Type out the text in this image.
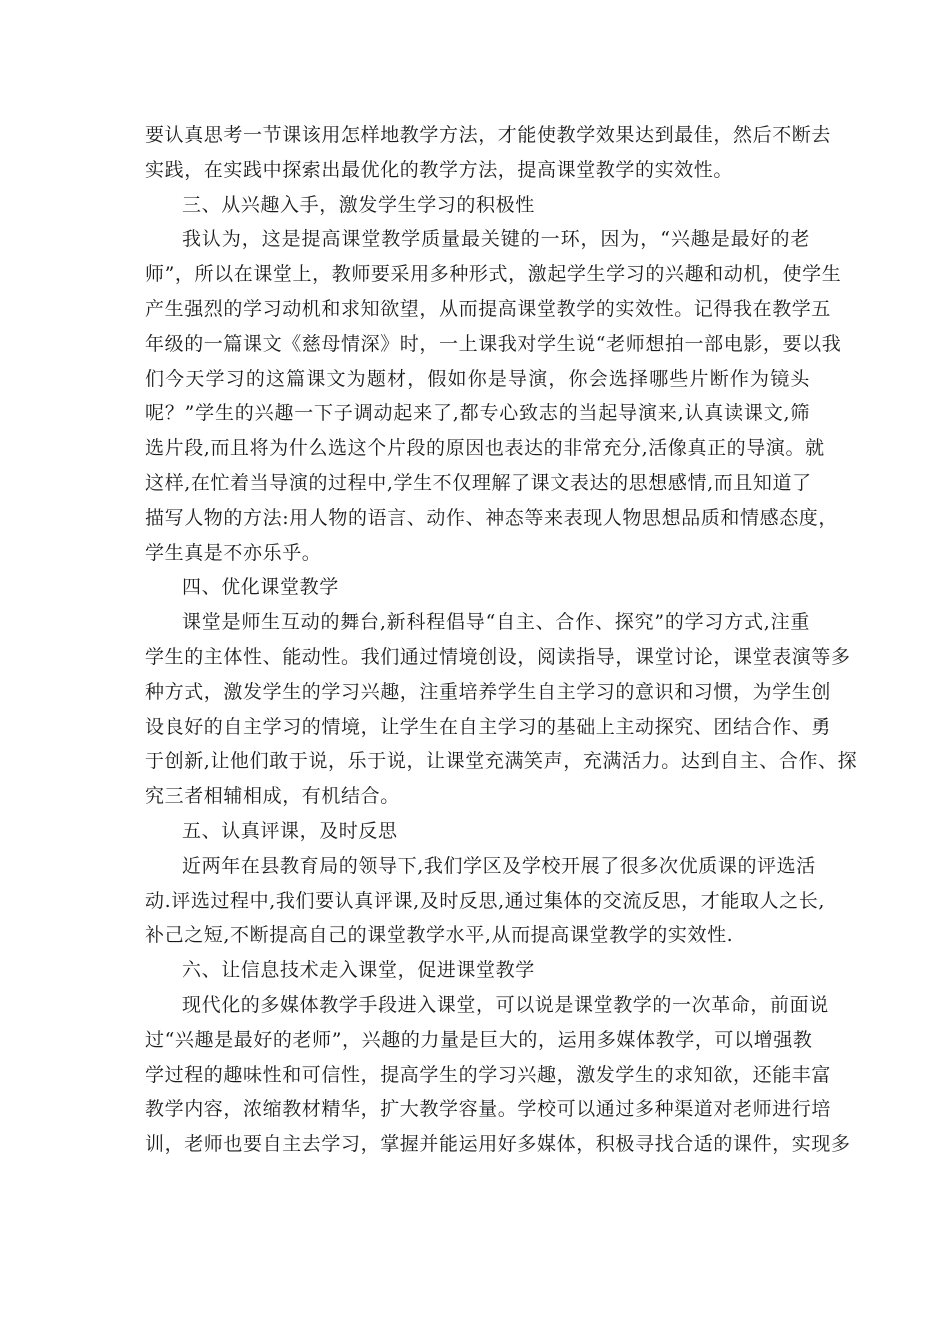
要认真思考一节课该用怎样地教学方法，才能使教学效果达到最佳，然后不断去
实践，在实践中探索出最优化的教学方法，提高课堂教学的实效性。
三、从兴趣入手，激发学生学习的积极性
我认为，这是提高课堂教学质量最关键的一环，因为，“兴趣是最好的老
师”，所以在课堂上，教师要采用多种形式，激起学生学习的兴趣和动机，使学生
产生强烈的学习动机和求知欲望，从而提高课堂教学的实效性。记得我在教学五
年级的一篇课文《慈母情深》时，一上课我对学生说“老师想拍一部电影，要以我
们今天学习的这篇课文为题材，假如你是导演，你会选择哪些片断作为镜头
呢？”学生的兴趣一下子调动起来了,都专心致志的当起导演来,认真读课文,筛
选片段,而且将为什么选这个片段的原因也表达的非常充分,活像真正的导演。就
这样,在忙着当导演的过程中,学生不仅理解了课文表达的思想感情,而且知道了
描写人物的方法:用人物的语言、动作、神态等来表现人物思想品质和情感态度，
学生真是不亦乐乎。
四、优化课堂教学
课堂是师生互动的舞台,新科程倡导“自主、合作、探究”的学习方式,注重
学生的主体性、能动性。我们通过情境创设，阅读指导，课堂讨论，课堂表演等多
种方式，激发学生的学习兴趣，注重培养学生自主学习的意识和习惯，为学生创
设良好的自主学习的情境，让学生在自主学习的基础上主动探究、团结合作、勇
于创新,让他们敢于说，乐于说，让课堂充满笑声，充满活力。达到自主、合作、探
究三者相辅相成，有机结合。
五、认真评课，及时反思
近两年在县教育局的领导下,我们学区及学校开展了很多次优质课的评选活
动.评选过程中,我们要认真评课,及时反思,通过集体的交流反思，才能取人之长,
补己之短,不断提高自己的课堂教学水平,从而提高课堂教学的实效性.
六、让信息技术走入课堂，促进课堂教学
现代化的多媒体教学手段进入课堂，可以说是课堂教学的一次革命，前面说
过“兴趣是最好的老师”，兴趣的力量是巨大的，运用多媒体教学，可以增强教
学过程的趣味性和可信性，提高学生的学习兴趣，激发学生的求知欲，还能丰富
教学内容，浓缩教材精华，扩大教学容量。学校可以通过多种渠道对老师进行培
训，老师也要自主去学习，掌握并能运用好多媒体，积极寻找合适的课件，实现多
